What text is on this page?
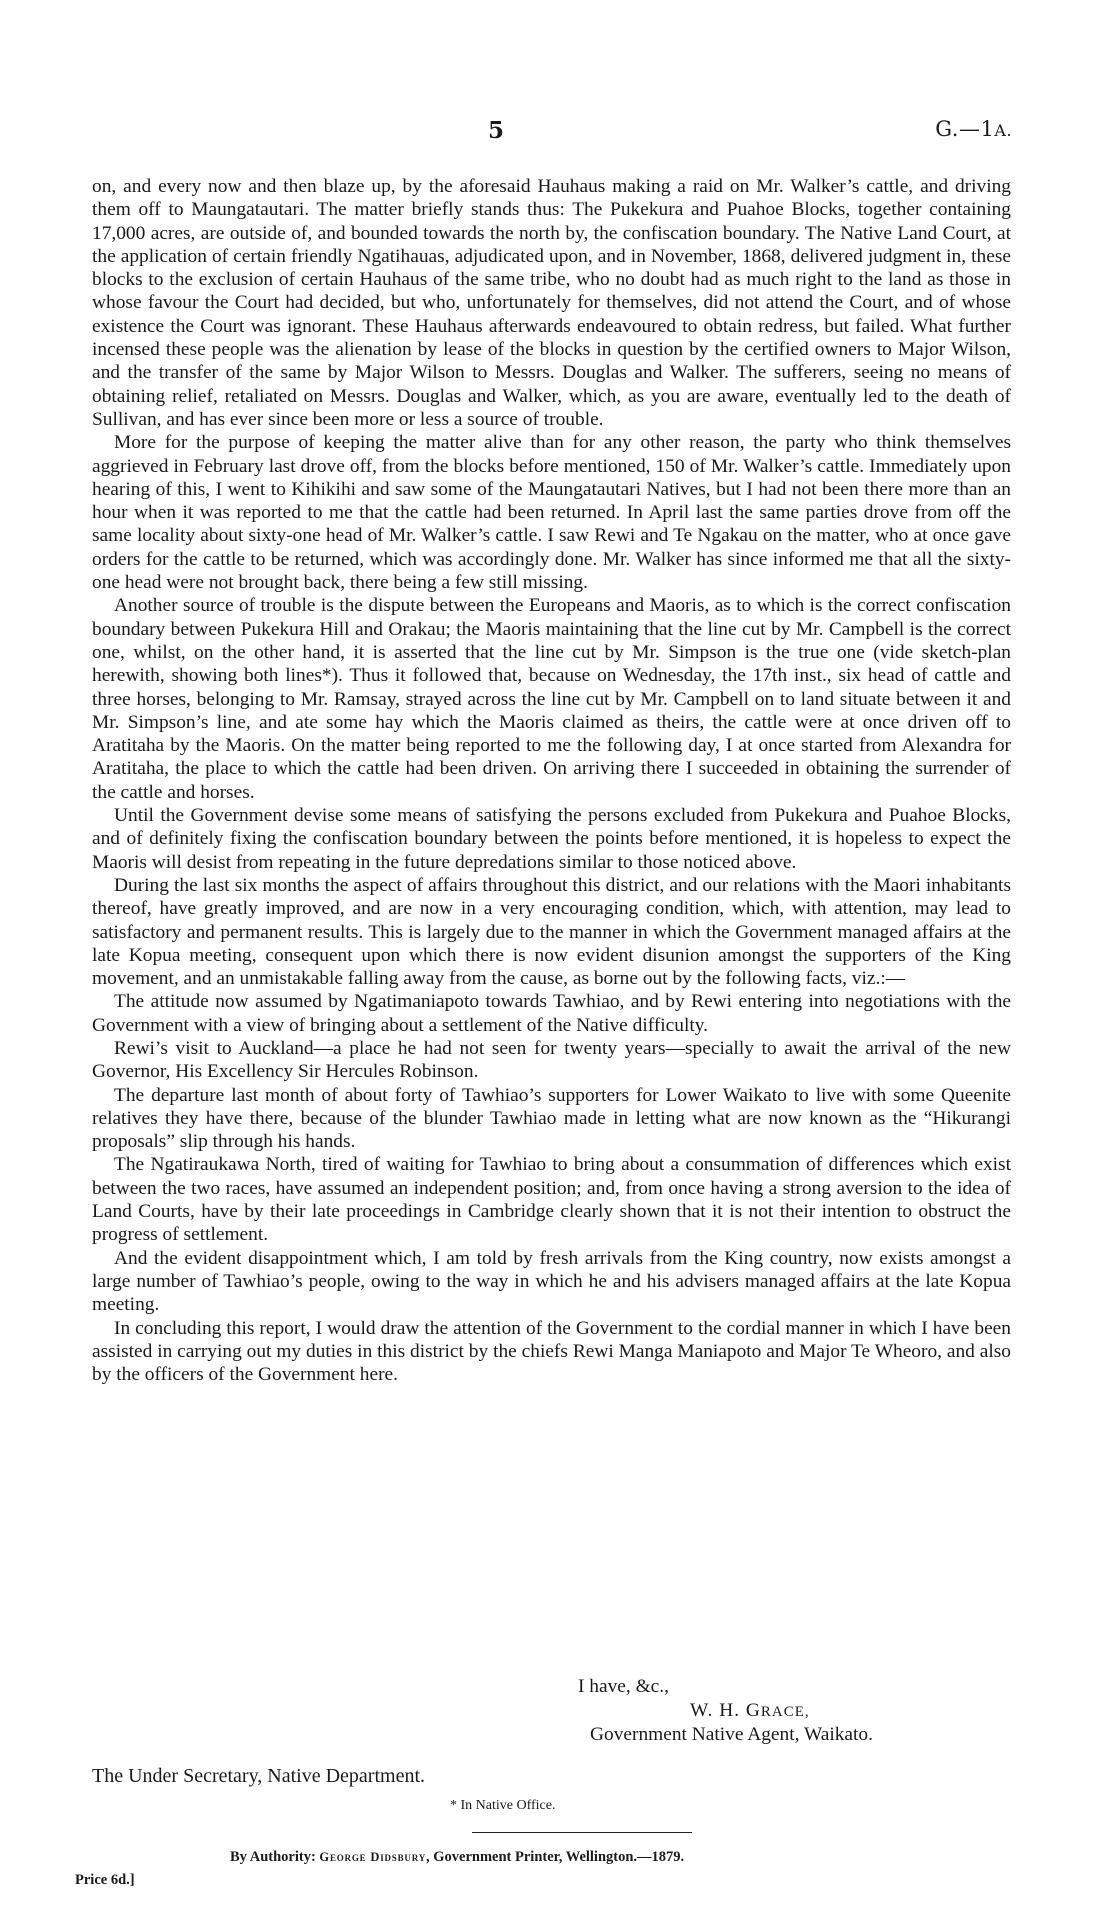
5	G.—1A.

on, and every now and then blaze up, by the aforesaid Hauhaus making a raid on Mr. Walker’s cattle, and driving them off to Maungatautari. The matter briefly stands thus: The Pukekura and Puahoe Blocks, together containing 17,000 acres, are outside of, and bounded towards the north by, the confiscation boundary. The Native Land Court, at the application of certain friendly Ngatihauas, adjudicated upon, and in November, 1868, delivered judgment in, these blocks to the exclusion of certain Hauhaus of the same tribe, who no doubt had as much right to the land as those in whose favour the Court had decided, but who, unfortunately for themselves, did not attend the Court, and of whose existence the Court was ignorant. These Hauhaus afterwards endeavoured to obtain redress, but failed. What further incensed these people was the alienation by lease of the blocks in question by the certified owners to Major Wilson, and the transfer of the same by Major Wilson to Messrs. Douglas and Walker. The sufferers, seeing no means of obtaining relief, retaliated on Messrs. Douglas and Walker, which, as you are aware, eventually led to the death of Sullivan, and has ever since been more or less a source of trouble.

More for the purpose of keeping the matter alive than for any other reason, the party who think themselves aggrieved in February last drove off, from the blocks before mentioned, 150 of Mr. Walker’s cattle. Immediately upon hearing of this, I went to Kihikihi and saw some of the Maungatautari Natives, but I had not been there more than an hour when it was reported to me that the cattle had been returned. In April last the same parties drove from off the same locality about sixty-one head of Mr. Walker’s cattle. I saw Rewi and Te Ngakau on the matter, who at once gave orders for the cattle to be returned, which was accordingly done. Mr. Walker has since informed me that all the sixty-one head were not brought back, there being a few still missing.

Another source of trouble is the dispute between the Europeans and Maoris, as to which is the correct confiscation boundary between Pukekura Hill and Orakau; the Maoris maintaining that the line cut by Mr. Campbell is the correct one, whilst, on the other hand, it is asserted that the line cut by Mr. Simpson is the true one (vide sketch-plan herewith, showing both lines*). Thus it followed that, because on Wednesday, the 17th inst., six head of cattle and three horses, belonging to Mr. Ramsay, strayed across the line cut by Mr. Campbell on to land situate between it and Mr. Simpson’s line, and ate some hay which the Maoris claimed as theirs, the cattle were at once driven off to Aratitaha by the Maoris. On the matter being reported to me the following day, I at once started from Alexandra for Aratitaha, the place to which the cattle had been driven. On arriving there I succeeded in obtaining the surrender of the cattle and horses.

Until the Government devise some means of satisfying the persons excluded from Pukekura and Puahoe Blocks, and of definitely fixing the confiscation boundary between the points before mentioned, it is hopeless to expect the Maoris will desist from repeating in the future depredations similar to those noticed above.

During the last six months the aspect of affairs throughout this district, and our relations with the Maori inhabitants thereof, have greatly improved, and are now in a very encouraging condition, which, with attention, may lead to satisfactory and permanent results. This is largely due to the manner in which the Government managed affairs at the late Kopua meeting, consequent upon which there is now evident disunion amongst the supporters of the King movement, and an unmistakable falling away from the cause, as borne out by the following facts, viz.:—

The attitude now assumed by Ngatimaniapoto towards Tawhiao, and by Rewi entering into negotiations with the Government with a view of bringing about a settlement of the Native difficulty.

Rewi’s visit to Auckland—a place he had not seen for twenty years—specially to await the arrival of the new Governor, His Excellency Sir Hercules Robinson.

The departure last month of about forty of Tawhiao’s supporters for Lower Waikato to live with some Queenite relatives they have there, because of the blunder Tawhiao made in letting what are now known as the “Hikurangi proposals” slip through his hands.

The Ngatiraukawa North, tired of waiting for Tawhiao to bring about a consummation of differences which exist between the two races, have assumed an independent position; and, from once having a strong aversion to the idea of Land Courts, have by their late proceedings in Cambridge clearly shown that it is not their intention to obstruct the progress of settlement.

And the evident disappointment which, I am told by fresh arrivals from the King country, now exists amongst a large number of Tawhiao’s people, owing to the way in which he and his advisers managed affairs at the late Kopua meeting.

In concluding this report, I would draw the attention of the Government to the cordial manner in which I have been assisted in carrying out my duties in this district by the chiefs Rewi Manga Maniapoto and Major Te Wheoro, and also by the officers of the Government here.

I have, &c.,
W. H. GRACE,
Government Native Agent, Waikato.
The Under Secretary, Native Department.
* In Native Office.
By Authority: George Didsbury, Government Printer, Wellington.—1879.
Price 6d.]
